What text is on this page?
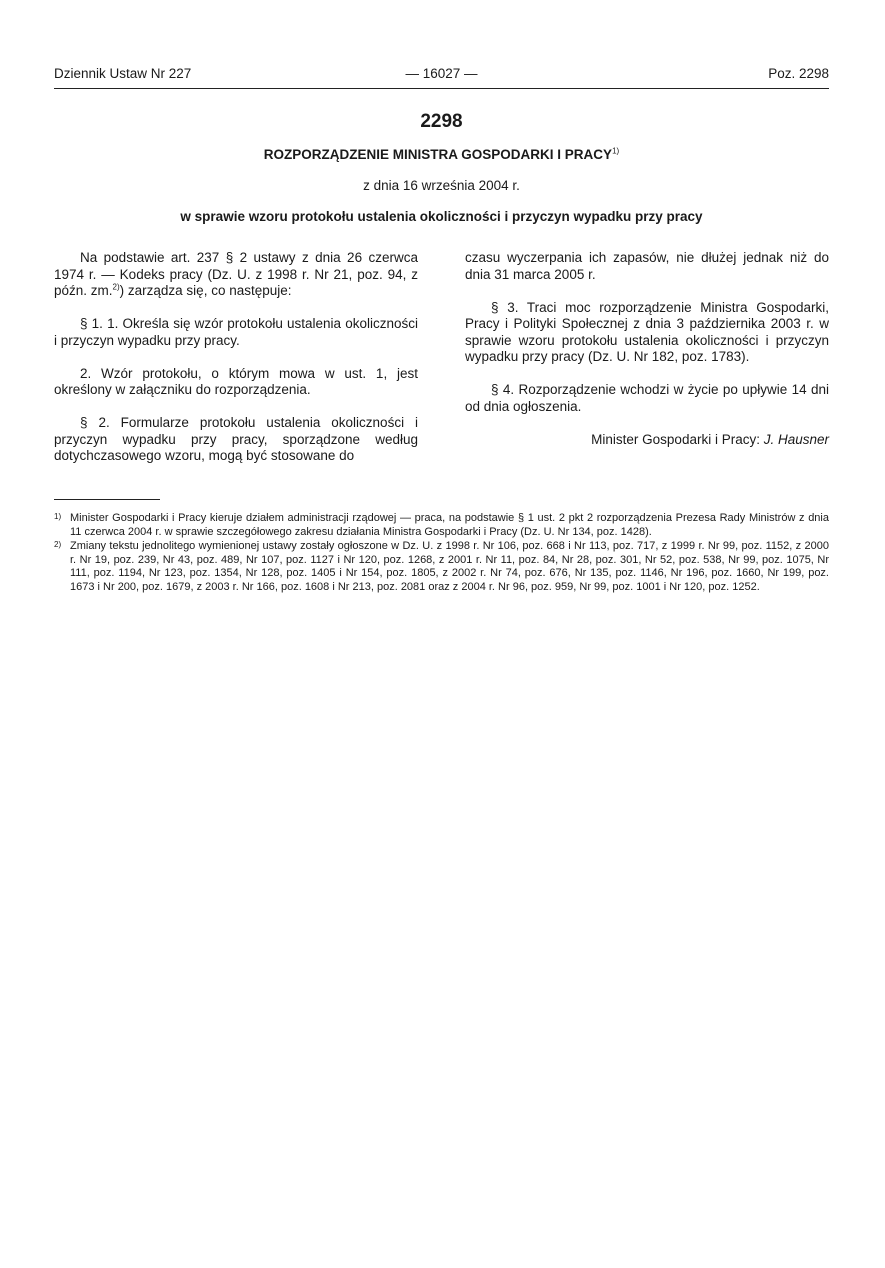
Dziennik Ustaw Nr 227	— 16027 —	Poz. 2298
2298
ROZPORZĄDZENIE MINISTRA GOSPODARKI I PRACY$^{1)}$
z dnia 16 września 2004 r.
w sprawie wzoru protokołu ustalenia okoliczności i przyczyn wypadku przy pracy

Na podstawie art. 237 § 2 ustawy z dnia 26 czerwca 1974 r. — Kodeks pracy (Dz. U. z 1998 r. Nr 21, poz. 94, z późn. zm.$^{2)}$) zarządza się, co następuje:

§ 1. 1. Określa się wzór protokołu ustalenia okoliczności i przyczyn wypadku przy pracy.

2. Wzór protokołu, o którym mowa w ust. 1, jest określony w załączniku do rozporządzenia.

§ 2. Formularze protokołu ustalenia okoliczności i przyczyn wypadku przy pracy, sporządzone według dotychczasowego wzoru, mogą być stosowane do

czasu wyczerpania ich zapasów, nie dłużej jednak niż do dnia 31 marca 2005 r.

§ 3. Traci moc rozporządzenie Ministra Gospodarki, Pracy i Polityki Społecznej z dnia 3 października 2003 r. w sprawie wzoru protokołu ustalenia okoliczności i przyczyn wypadku przy pracy (Dz. U. Nr 182, poz. 1783).

§ 4. Rozporządzenie wchodzi w życie po upływie 14 dni od dnia ogłoszenia.

Minister Gospodarki i Pracy: J. Hausner

1) Minister Gospodarki i Pracy kieruje działem administracji rządowej — praca, na podstawie § 1 ust. 2 pkt 2 rozporządzenia Prezesa Rady Ministrów z dnia 11 czerwca 2004 r. w sprawie szczegółowego zakresu działania Ministra Gospodarki i Pracy (Dz. U. Nr 134, poz. 1428).
2) Zmiany tekstu jednolitego wymienionej ustawy zostały ogłoszone w Dz. U. z 1998 r. Nr 106, poz. 668 i Nr 113, poz. 717, z 1999 r. Nr 99, poz. 1152, z 2000 r. Nr 19, poz. 239, Nr 43, poz. 489, Nr 107, poz. 1127 i Nr 120, poz. 1268, z 2001 r. Nr 11, poz. 84, Nr 28, poz. 301, Nr 52, poz. 538, Nr 99, poz. 1075, Nr 111, poz. 1194, Nr 123, poz. 1354, Nr 128, poz. 1405 i Nr 154, poz. 1805, z 2002 r. Nr 74, poz. 676, Nr 135, poz. 1146, Nr 196, poz. 1660, Nr 199, poz. 1673 i Nr 200, poz. 1679, z 2003 r. Nr 166, poz. 1608 i Nr 213, poz. 2081 oraz z 2004 r. Nr 96, poz. 959, Nr 99, poz. 1001 i Nr 120, poz. 1252.
